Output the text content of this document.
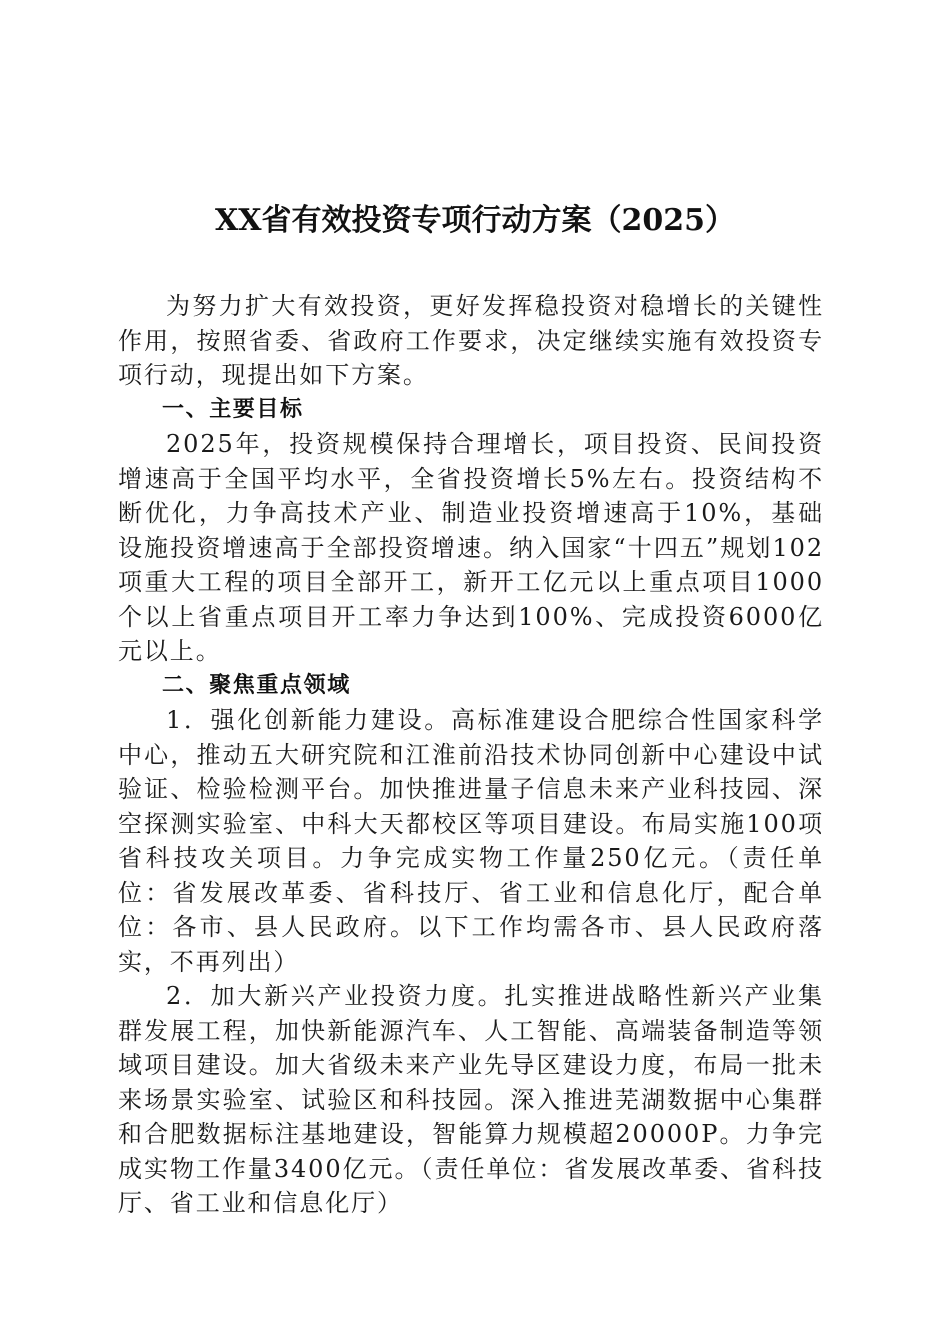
XX省有效投资专项行动方案（2025）

为努力扩大有效投资，更好发挥稳投资对稳增长的关键性作用，按照省委、省政府工作要求，决定继续实施有效投资专项行动，现提出如下方案。

一、主要目标

2025年，投资规模保持合理增长，项目投资、民间投资增速高于全国平均水平，全省投资增长5%左右。投资结构不断优化，力争高技术产业、制造业投资增速高于10%，基础设施投资增速高于全部投资增速。纳入国家“十四五”规划102项重大工程的项目全部开工，新开工亿元以上重点项目1000个以上省重点项目开工率力争达到100%、完成投资6000亿元以上。

二、聚焦重点领域

1．强化创新能力建设。高标准建设合肥综合性国家科学中心，推动五大研究院和江淮前沿技术协同创新中心建设中试验证、检验检测平台。加快推进量子信息未来产业科技园、深空探测实验室、中科大天都校区等项目建设。布局实施100项省科技攻关项目。力争完成实物工作量250亿元。（责任单位：省发展改革委、省科技厅、省工业和信息化厅，配合单位：各市、县人民政府。以下工作均需各市、县人民政府落实，不再列出）

2．加大新兴产业投资力度。扎实推进战略性新兴产业集群发展工程，加快新能源汽车、人工智能、高端装备制造等领域项目建设。加大省级未来产业先导区建设力度，布局一批未来场景实验室、试验区和科技园。深入推进芜湖数据中心集群和合肥数据标注基地建设，智能算力规模超20000P。力争完成实物工作量3400亿元。（责任单位：省发展改革委、省科技厅、省工业和信息化厅）
